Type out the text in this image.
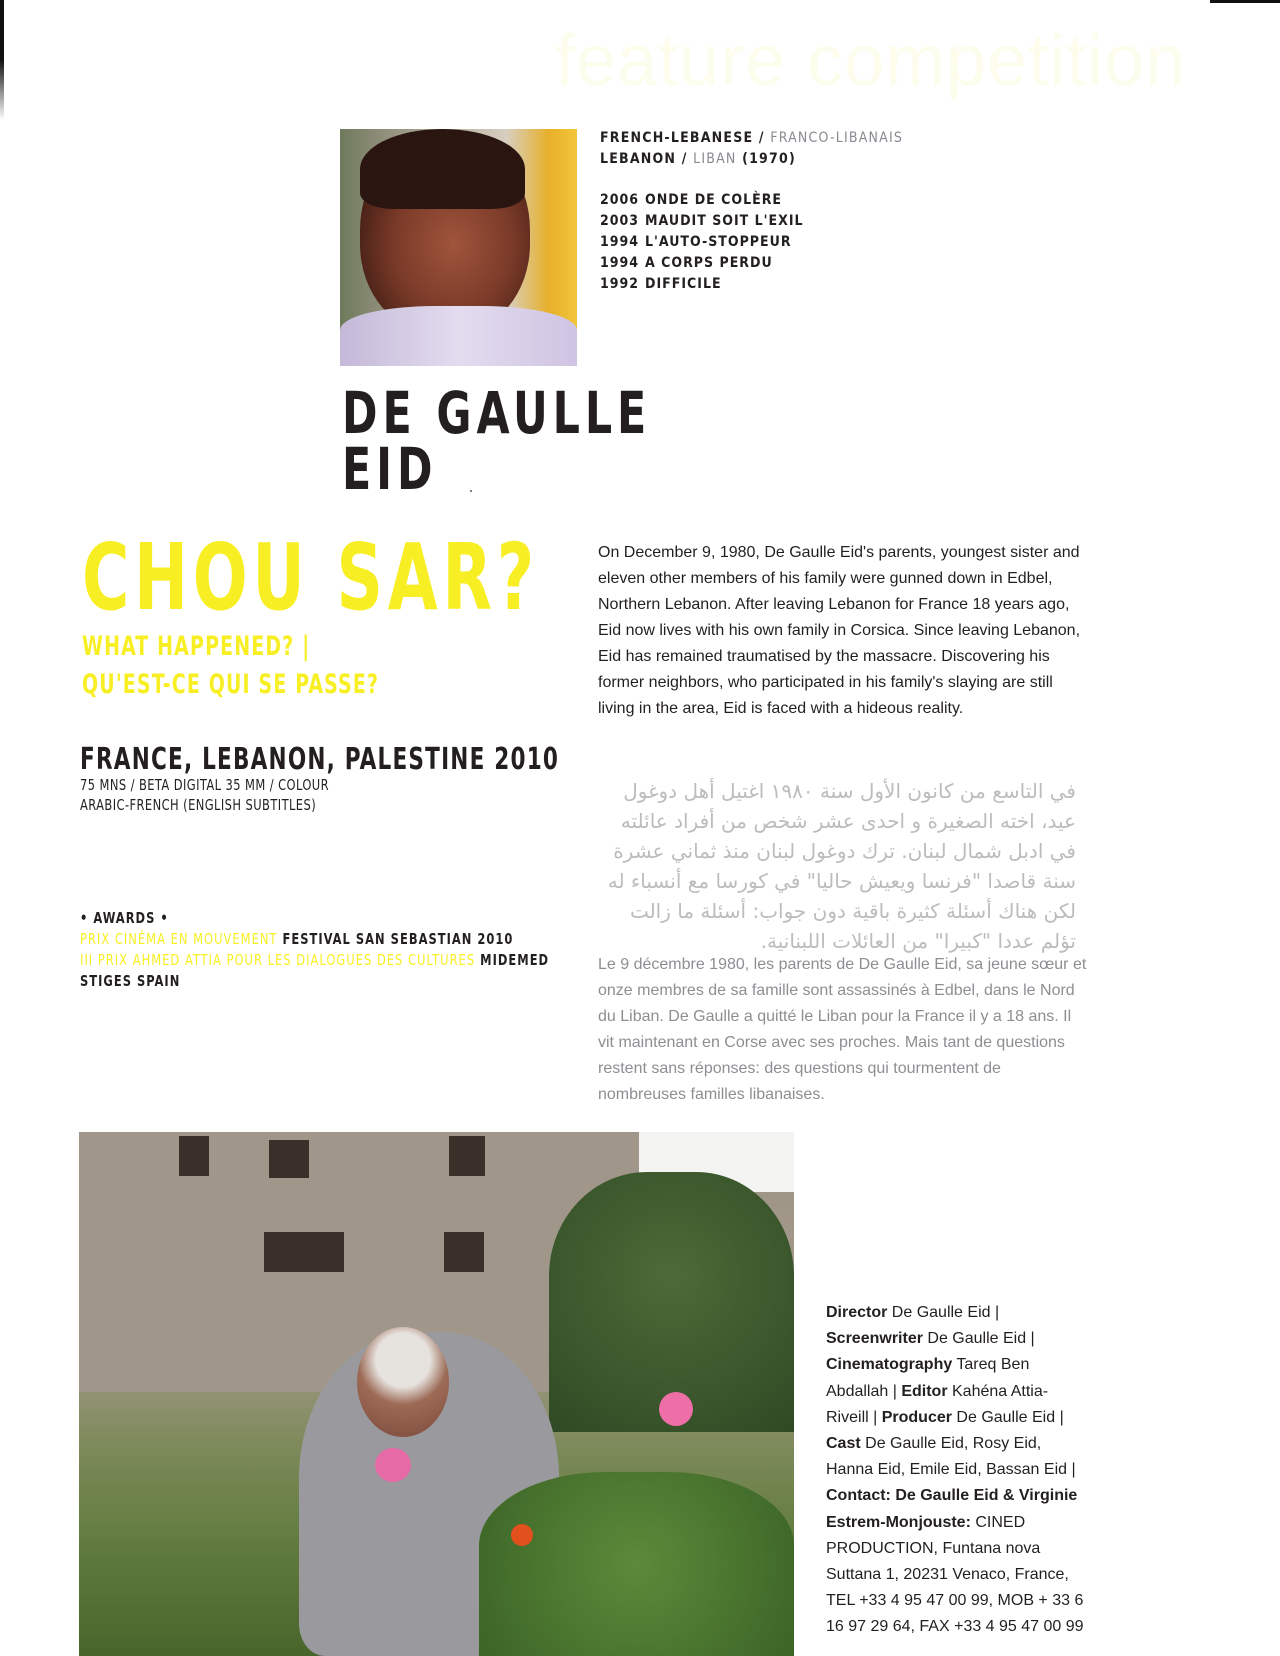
feature competition
FRENCH-LEBANESE / FRANCO-LIBANAIS
LEBANON / LIBAN (1970)
2006 ONDE DE COLÈRE
2003 MAUDIT SOIT L'EXIL
1994 L'AUTO-STOPPEUR
1994 A CORPS PERDU
1992 DIFFICILE
DE GAULLE
EID
CHOU SAR?
WHAT HAPPENED? |
QU'EST-CE QUI SE PASSE?
FRANCE, LEBANON, PALESTINE 2010
75 MNS / BETA DIGITAL 35 MM / COLOUR
ARABIC-FRENCH (ENGLISH SUBTITLES)
• AWARDS •
PRIX CINÉMA EN MOUVEMENT FESTIVAL SAN SEBASTIAN 2010
III PRIX AHMED ATTIA POUR LES DIALOGUES DES CULTURES MIDEMED
STIGES SPAIN
On December 9, 1980, De Gaulle Eid's parents, youngest sister and eleven other members of his family were gunned down in Edbel, Northern Lebanon. After leaving Lebanon for France 18 years ago, Eid now lives with his own family in Corsica. Since leaving Lebanon, Eid has remained traumatised by the massacre. Discovering his former neighbors, who participated in his family's slaying are still living in the area, Eid is faced with a hideous reality.
في التاسع من كانون الأول سنة ١٩٨٠ اغتيل أهل دوغول عيد، اخته الصغيرة و احدى عشر شخص من أفراد عائلته في ادبل شمال لبنان. ترك دوغول لبنان منذ ثماني عشرة سنة قاصدا "فرنسا ويعيش حاليا" في كورسا مع أنسباء له لكن هناك أسئلة كثيرة باقية دون جواب: أسئلة ما زالت تؤلم عددا "كبيرا" من العائلات اللبنانية.
Le 9 décembre 1980, les parents de De Gaulle Eid, sa jeune sœur et onze membres de sa famille sont assassinés à Edbel, dans le Nord du Liban. De Gaulle a quitté le Liban pour la France il y a 18 ans. Il vit maintenant en Corse avec ses proches. Mais tant de questions restent sans réponses: des questions qui tourmentent de nombreuses familles libanaises.
Director De Gaulle Eid | Screenwriter De Gaulle Eid | Cinematography Tareq Ben Abdallah | Editor Kahéna Attia-Riveill | Producer De Gaulle Eid | Cast De Gaulle Eid, Rosy Eid, Hanna Eid, Emile Eid, Bassan Eid | Contact: De Gaulle Eid & Virginie Estrem-Monjouste: CINED PRODUCTION, Funtana nova Suttana 1, 20231 Venaco, France, TEL +33 4 95 47 00 99, MOB + 33 6 16 97 29 64, FAX +33 4 95 47 00 99
